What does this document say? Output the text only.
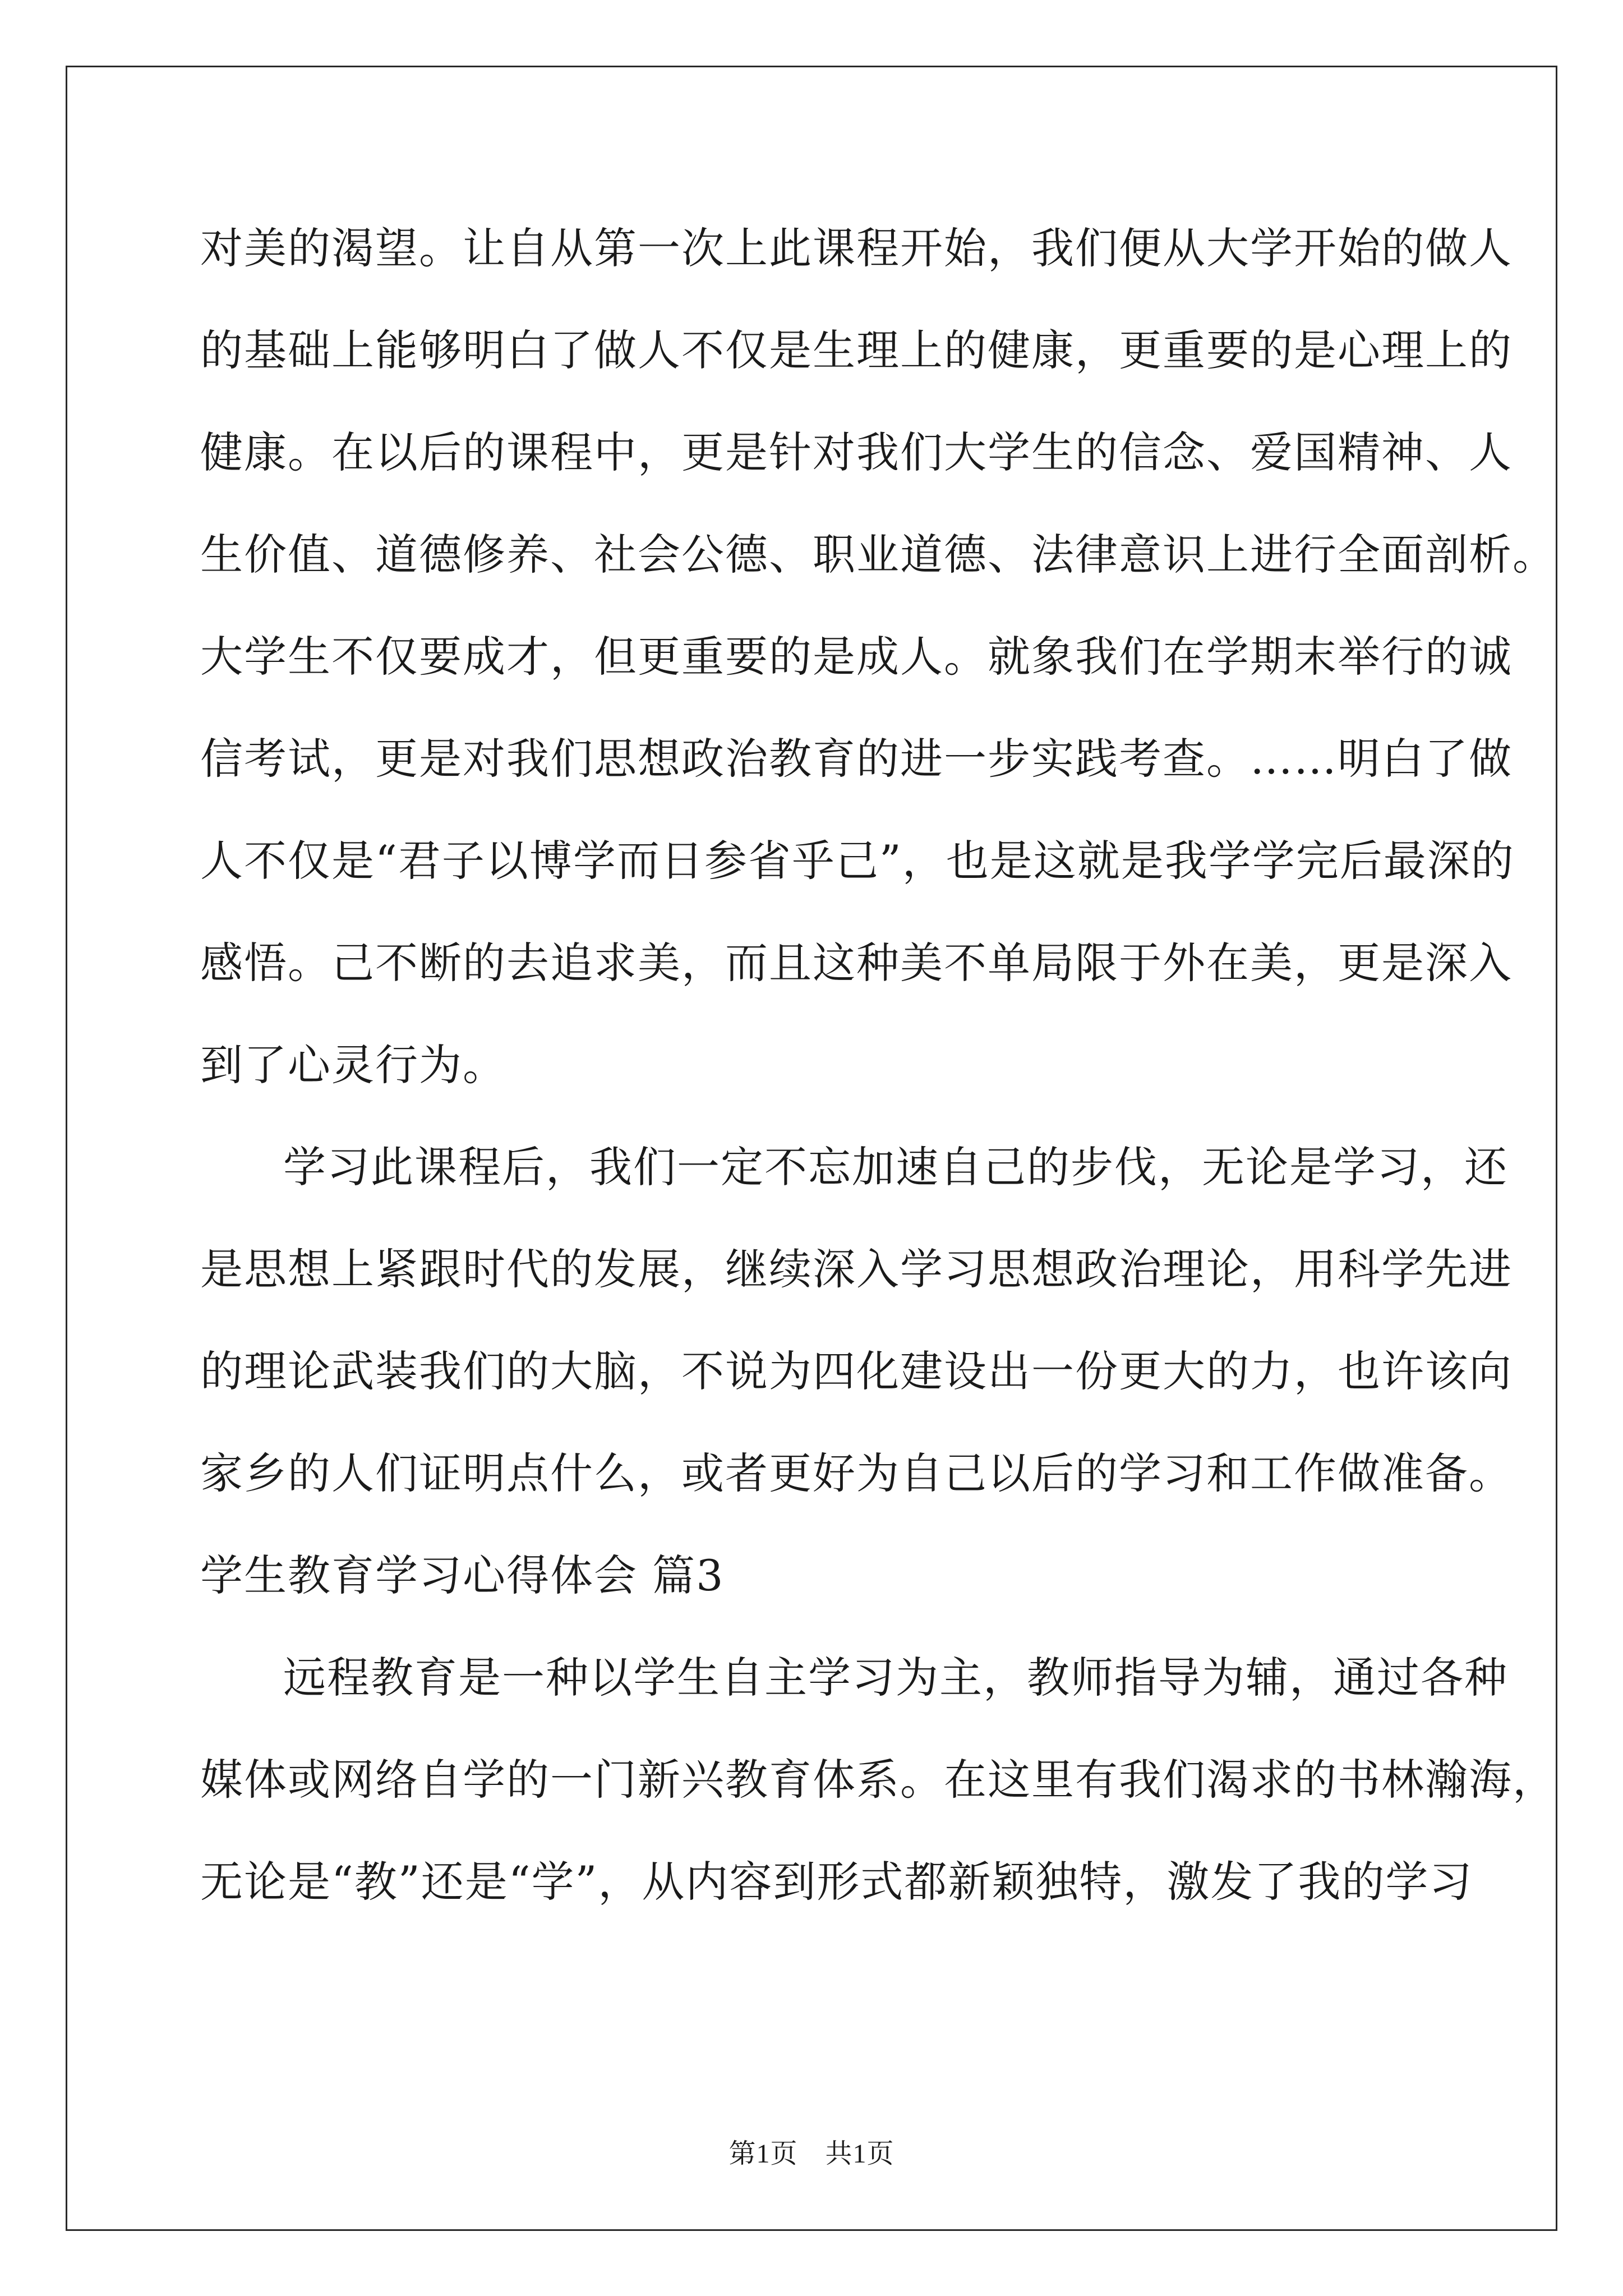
对美的渴望。让自从第一次上此课程开始，我们便从大学开始的做人

的基础上能够明白了做人不仅是生理上的健康，更重要的是心理上的

健康。在以后的课程中，更是针对我们大学生的信念、爱国精神、人

生价值、道德修养、社会公德、职业道德、法律意识上进行全面剖析。

大学生不仅要成才，但更重要的是成人。就象我们在学期末举行的诚

信考试，更是对我们思想政治教育的进一步实践考查。……明白了做

人不仅是“君子以博学而日参省乎己”，也是这就是我学学完后最深的

感悟。己不断的去追求美，而且这种美不单局限于外在美，更是深入

到了心灵行为。

学习此课程后，我们一定不忘加速自己的步伐，无论是学习，还

是思想上紧跟时代的发展，继续深入学习思想政治理论，用科学先进

的理论武装我们的大脑，不说为四化建设出一份更大的力，也许该向

家乡的人们证明点什么，或者更好为自己以后的学习和工作做准备。

学生教育学习心得体会 篇3

远程教育是一种以学生自主学习为主，教师指导为辅，通过各种

媒体或网络自学的一门新兴教育体系。在这里有我们渴求的书林瀚海，

无论是“教”还是“学”，从内容到形式都新颖独特，激发了我的学习

第1页　共1页
